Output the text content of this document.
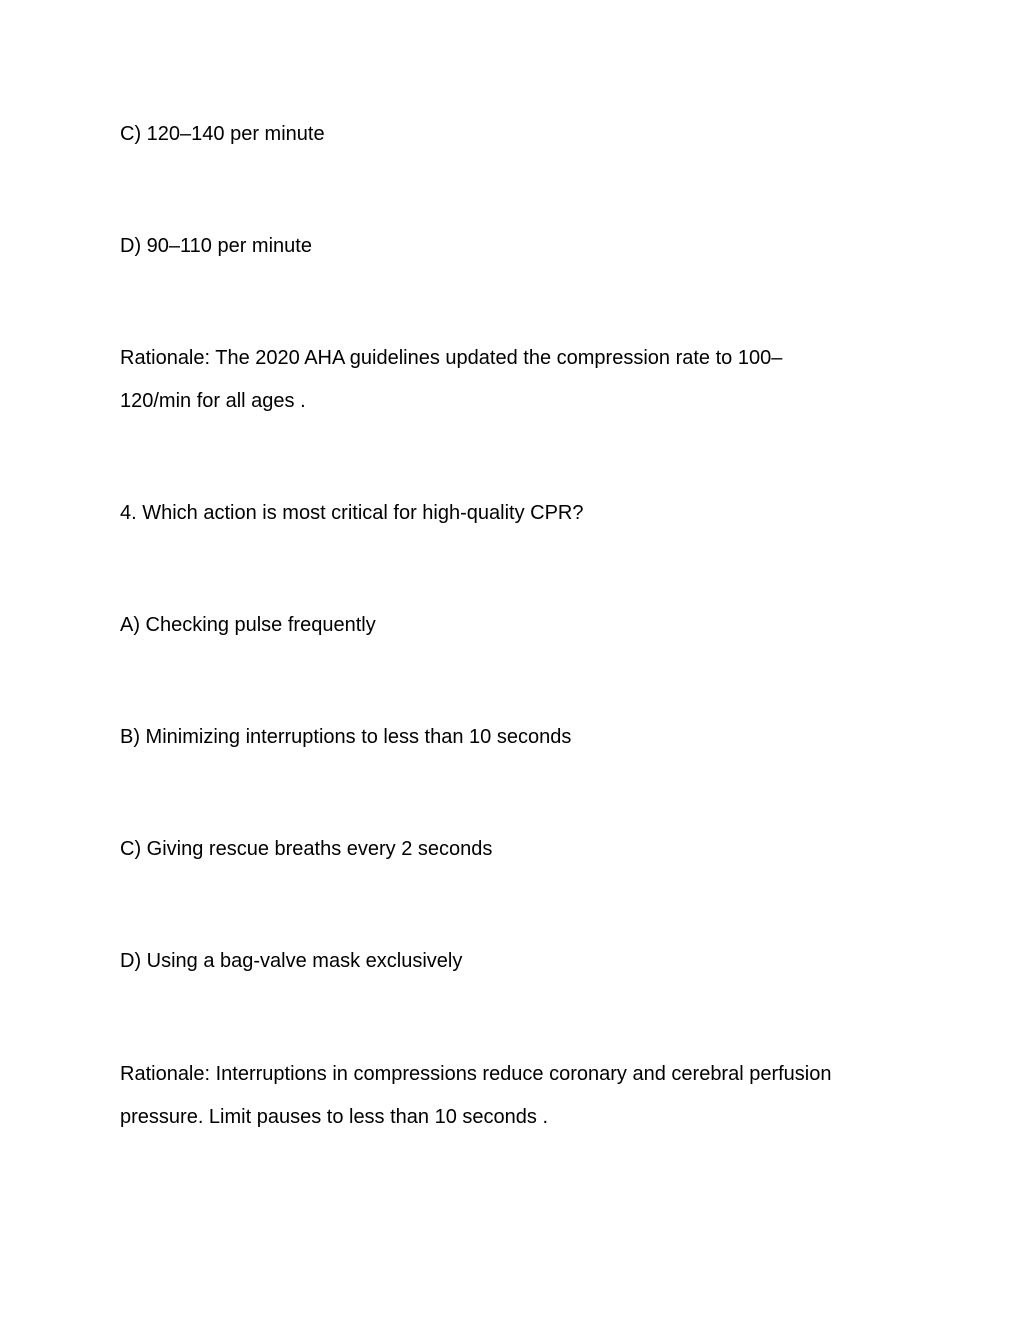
C) 120–140 per minute
D) 90–110 per minute
Rationale: The 2020 AHA guidelines updated the compression rate to 100–
120/min for all ages .
4. Which action is most critical for high-quality CPR?
A) Checking pulse frequently
B) Minimizing interruptions to less than 10 seconds
C) Giving rescue breaths every 2 seconds
D) Using a bag-valve mask exclusively
Rationale: Interruptions in compressions reduce coronary and cerebral perfusion
pressure. Limit pauses to less than 10 seconds .
